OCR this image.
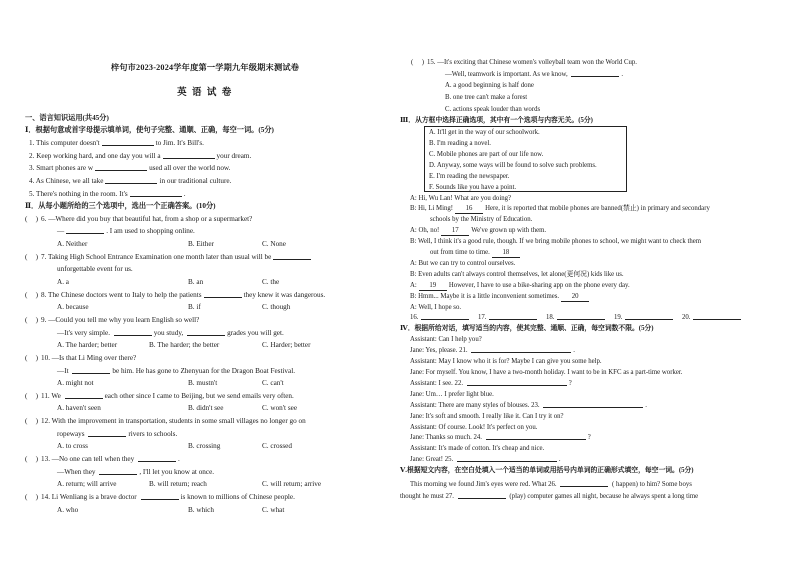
梓句市2023-2024学年度第一学期九年级期末测试卷
英 语 试 卷
一、语言知识运用(共45分)
Ⅰ．根据句意或首字母提示填单词，使句子完整、通顺、正确，每空一词。(5分)
1. This computer doesn't	to Jim. It's Bill's.
2. Keep working hard, and one day you will a	your dream.
3. Smart phones are w	used all over the world now.
4. As Chinese, we all take	in our traditional culture.
5. There's nothing in the room. It's	.
Ⅱ．从每小题所给的三个选项中，选出一个正确答案。(10分)
( ) 6. —Where did you buy that beautiful hat, from a shop or a supermarket?
—	. I am used to shopping online.
A. Neither	B. Either	C. None
( ) 7. Taking High School Entrance Examination one month later than usual will be
unforgettable event for us.
A. a	B. an	C. the
( ) 8. The Chinese doctors went to Italy to help the patients	they knew it was dangerous.
A. because	B. if	C. though
( ) 9. —Could you tell me why you learn English so well?
—It's very simple.	you study,	grades you will get.
A. The harder; better	B. The harder; the better	C. Harder; better
( ) 10. —Is that Li Ming over there?
—It	be him. He has gone to Zhenyuan for the Dragon Boat Festival.
A. might not	B. mustn't	C. can't
( ) 11. We	each other since I came to Beijing, but we send emails very often.
A. haven't seen	B. didn't see	C. won't see
( ) 12. With the improvement in transportation, students in some small villages no longer go on
ropeways	rivers to schools.
A. to cross	B. crossing	C. crossed
( ) 13. —No one can tell when they	.
—When they	, I'll let you know at once.
A. return; will arrive	B. will return; reach	C. will return; arrive
( ) 14. Li Wenliang is a brave doctor	is known to millions of Chinese people.
A. who	B. which	C. what
( ) 15. —It's exciting that Chinese women's volleyball team won the World Cup.
—Well, teamwork is important. As we know,	.
A. a good beginning is half done
B. one tree can't make a forest
C. actions speak louder than words
Ⅲ．从方框中选择正确选项，其中有一个选项与内容无关。(5分)
A. It'll get in the way of our schoolwork.
B. I'm reading a novel.
C. Mobile phones are part of our life now.
D. Anyway, some ways will be found to solve such problems.
E. I'm reading the newspaper.
F. Sounds like you have a point.
A: Hi, Wu Lan! What are you doing?
B: Hi, Li Ming! 16 Here, it is reported that mobile phones are banned(禁止) in primary and secondary
schools by the Ministry of Education.
A: Oh, no! 17 We've grown up with them.
B: Well, I think it's a good rule, though. If we bring mobile phones to school, we might want to check them
out from time to time. 18
A: But we can try to control ourselves.
B: Even adults can't always control themselves, let alone(更何况) kids like us.
A: 19 However, I have to use a bike-sharing app on the phone every day.
B: Hmm... Maybe it is a little inconvenient sometimes. 20
A: Well, I hope so.
16.	17.	18.	19.	20.
Ⅳ．根据所给对话，填写适当的内容，使其完整、通顺、正确，每空词数不限。(5分)
Assistant: Can I help you?
Jane: Yes, please. 21.	.
Assistant: May I know who it is for? Maybe I can give you some help.
Jane: For myself. You know, I have a two-month holiday. I want to be in KFC as a part-time worker.
Assistant: I see. 22.	?
Jane: Um… I prefer light blue.
Assistant: There are many styles of blouses. 23.	.
Jane: It's soft and smooth. I really like it. Can I try it on?
Assistant: Of course. Look! It's perfect on you.
Jane: Thanks so much. 24.	?
Assistant: It's made of cotton. It's cheap and nice.
Jane: Great! 25.	.
Ⅴ.根据短文内容，在空白处填入一个适当的单词或用括号内单词的正确形式填空，每空一词。(5分)
This morning we found Jim's eyes were red. What 26.	( happen) to him? Some boys
thought he must 27.	(play) computer games all night, because he always spent a long time
